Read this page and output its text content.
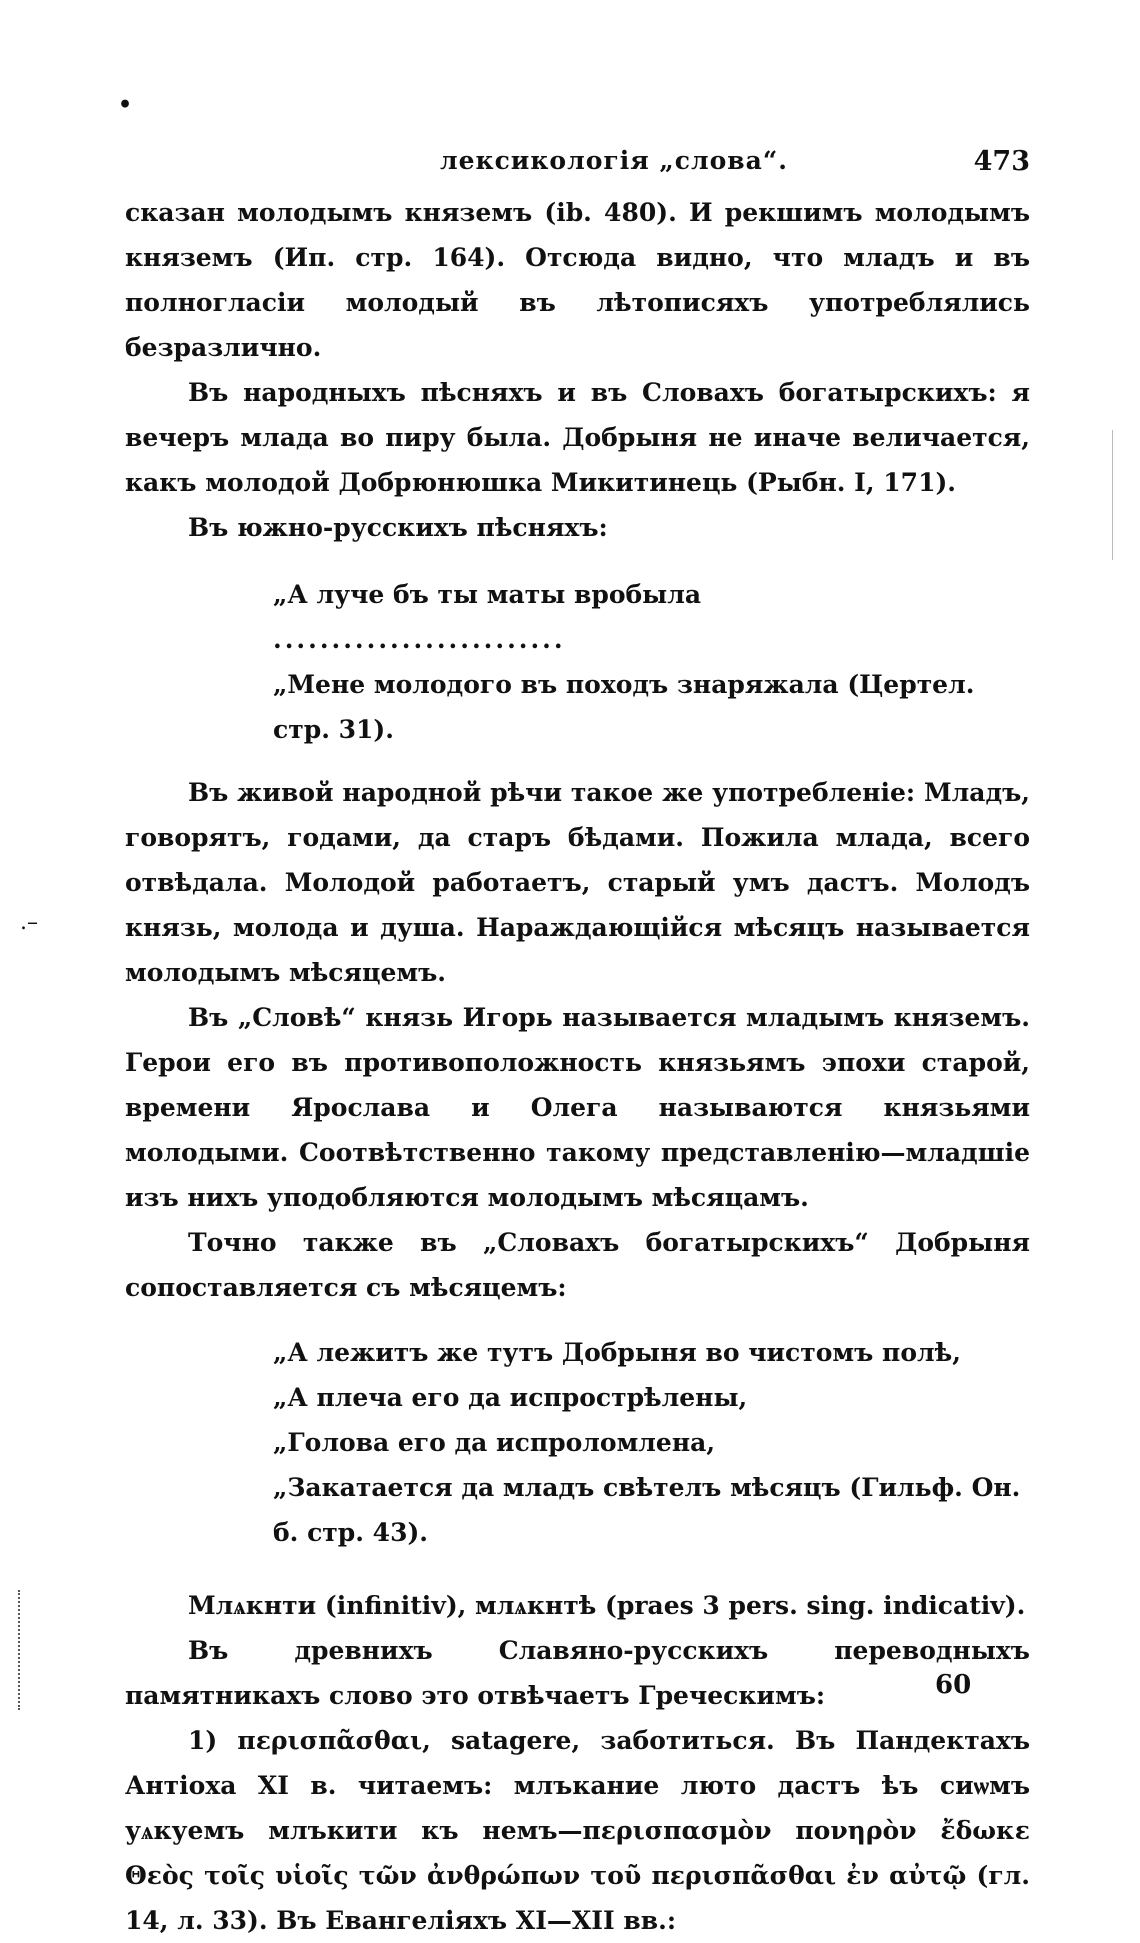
•
.–
лексикологія „слова“.	473

сказан молодымъ княземъ (ib. 480). И рекшимъ молодымъ княземъ (Ип. стр. 164). Отсюда видно, что младъ и въ полногласіи молодый въ лѣтописяхъ употреблялись безразлично.

Въ народныхъ пѣсняхъ и въ Словахъ богатырскихъ: я вечеръ млада во пиру была. Добрыня не иначе величается, какъ молодой Добрюнюшка Микитинець (Рыбн. I, 171).

Въ южно-русскихъ пѣсняхъ:

„А луче бъ ты маты вробыла
.........................
„Мене молодого въ походъ знаряжала (Цертел. стр. 31).

Въ живой народной рѣчи такое же употребленіе: Младъ, говорятъ, годами, да старъ бѣдами. Пожила млада, всего отвѣдала. Молодой работаетъ, старый умъ дастъ. Молодъ князь, молода и душа. Нараждающійся мѣсяцъ называется молодымъ мѣсяцемъ.

Въ „Словѣ“ князь Игорь называется младымъ княземъ. Герои его въ противоположность князьямъ эпохи старой, времени Ярослава и Олега называются князьями молодыми. Соотвѣтственно такому представленію—младшіе изъ нихъ уподобляются молодымъ мѣсяцамъ.

Точно также въ „Словахъ богатырскихъ“ Добрыня сопоставляется съ мѣсяцемъ:

„А лежитъ же тутъ Добрыня во чистомъ полѣ,
„А плеча его да испрострѣлены,
„Голова его да испроломлена,
„Закатается да младъ свѣтелъ мѣсяцъ (Гильф. Он. б. стр. 43).

Млѧкнти (infinitiv), млѧкнтѣ (praes 3 pers. sing. indicativ).

Въ древнихъ Славяно-русскихъ переводныхъ памятникахъ слово это отвѣчаетъ Греческимъ:

1) περισπᾶσθαι, satagere, заботиться. Въ Пандектахъ Антіоха XI в. читаемъ: млъкание люто дастъ ѣъ сиѡмъ уѧкуемъ млъкити къ немъ—περισπασμὸν πονηρὸν ἔδωκε Θεὸς τοῖς υἱοῖς τῶν ἀνθρώπων τοῦ περισπᾶσθαι ἐν αὐτῷ (гл. 14, л. 33). Въ Евангеліяхъ XI—XII вв.:

60
